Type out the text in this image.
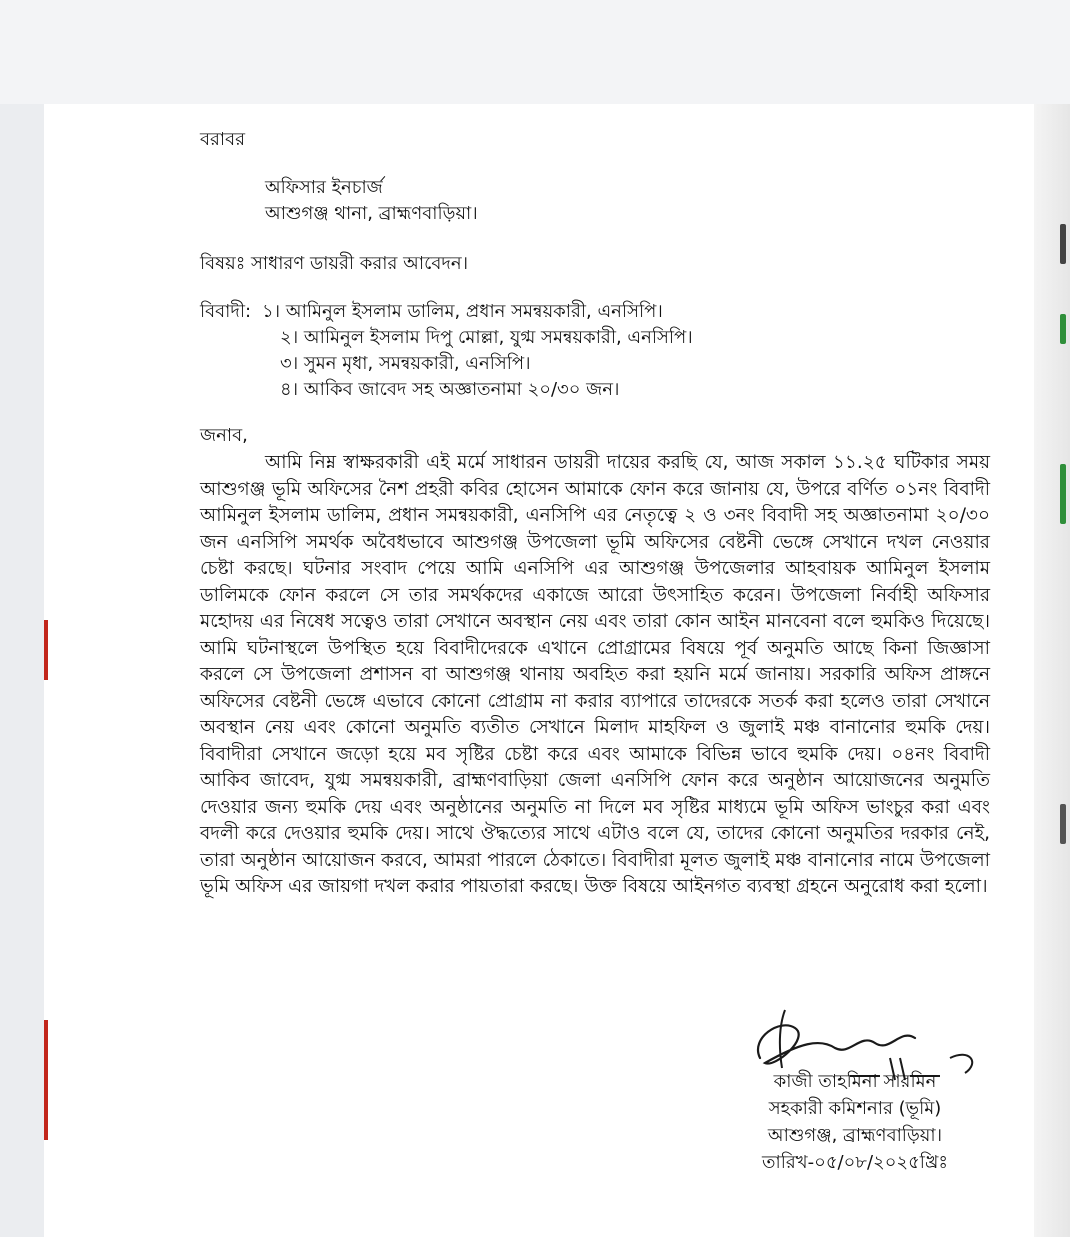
বরাবর
অফিসার ইনচার্জ
আশুগঞ্জ থানা, ব্রাহ্মণবাড়িয়া।
বিষয়ঃ সাধারণ ডায়রী করার আবেদন।
বিবাদী: ১। আমিনুল ইসলাম ডালিম, প্রধান সমন্বয়কারী, এনসিপি।
২। আমিনুল ইসলাম দিপু মোল্লা, যুগ্ম সমন্বয়কারী, এনসিপি।
৩। সুমন মৃধা, সমন্বয়কারী, এনসিপি।
৪। আকিব জাবেদ সহ অজ্ঞাতনামা ২০/৩০ জন।
জনাব,
আমি নিম্ন স্বাক্ষরকারী এই মর্মে সাধারন ডায়রী দায়ের করছি যে, আজ সকাল ১১.২৫ ঘটিকার সময় আশুগঞ্জ ভূমি অফিসের নৈশ প্রহরী কবির হোসেন আমাকে ফোন করে জানায় যে, উপরে বর্ণিত ০১নং বিবাদী আমিনুল ইসলাম ডালিম, প্রধান সমন্বয়কারী, এনসিপি এর নেতৃত্বে ২ ও ৩নং বিবাদী সহ অজ্ঞাতনামা ২০/৩০ জন এনসিপি সমর্থক অবৈধভাবে আশুগঞ্জ উপজেলা ভূমি অফিসের বেষ্টনী ভেঙ্গে সেখানে দখল নেওয়ার চেষ্টা করছে। ঘটনার সংবাদ পেয়ে আমি এনসিপি এর আশুগঞ্জ উপজেলার আহবায়ক আমিনুল ইসলাম ডালিমকে ফোন করলে সে তার সমর্থকদের একাজে আরো উৎসাহিত করেন। উপজেলা নির্বাহী অফিসার মহোদয় এর নিষেধ সত্বেও তারা সেখানে অবস্থান নেয় এবং তারা কোন আইন মানবেনা বলে হুমকিও দিয়েছে। আমি ঘটনাস্থলে উপস্থিত হয়ে বিবাদীদেরকে এখানে প্রোগ্রামের বিষয়ে পূর্ব অনুমতি আছে কিনা জিজ্ঞাসা করলে সে উপজেলা প্রশাসন বা আশুগঞ্জ থানায় অবহিত করা হয়নি মর্মে জানায়। সরকারি অফিস প্রাঙ্গনে অফিসের বেষ্টনী ভেঙ্গে এভাবে কোনো প্রোগ্রাম না করার ব্যাপারে তাদেরকে সতর্ক করা হলেও তারা সেখানে অবস্থান নেয় এবং কোনো অনুমতি ব্যতীত সেখানে মিলাদ মাহফিল ও জুলাই মঞ্চ বানানোর হুমকি দেয়। বিবাদীরা সেখানে জড়ো হয়ে মব সৃষ্টির চেষ্টা করে এবং আমাকে বিভিন্ন ভাবে হুমকি দেয়। ০৪নং বিবাদী আকিব জাবেদ, যুগ্ম সমন্বয়কারী, ব্রাহ্মণবাড়িয়া জেলা এনসিপি ফোন করে অনুষ্ঠান আয়োজনের অনুমতি দেওয়ার জন্য হুমকি দেয় এবং অনুষ্ঠানের অনুমতি না দিলে মব সৃষ্টির মাধ্যমে ভূমি অফিস ভাংচুর করা এবং বদলী করে দেওয়ার হুমকি দেয়। সাথে ঔদ্ধত্যের সাথে এটাও বলে যে, তাদের কোনো অনুমতির দরকার নেই, তারা অনুষ্ঠান আয়োজন করবে, আমরা পারলে ঠেকাতে। বিবাদীরা মূলত জুলাই মঞ্চ বানানোর নামে উপজেলা ভূমি অফিস এর জায়গা দখল করার পায়তারা করছে। উক্ত বিষয়ে আইনগত ব্যবস্থা গ্রহনে অনুরোধ করা হলো।
কাজী তাহমিনা সারমিন
সহকারী কমিশনার (ভূমি)
আশুগঞ্জ, ব্রাহ্মণবাড়িয়া।
তারিখ-০৫/০৮/২০২৫খ্রিঃ
